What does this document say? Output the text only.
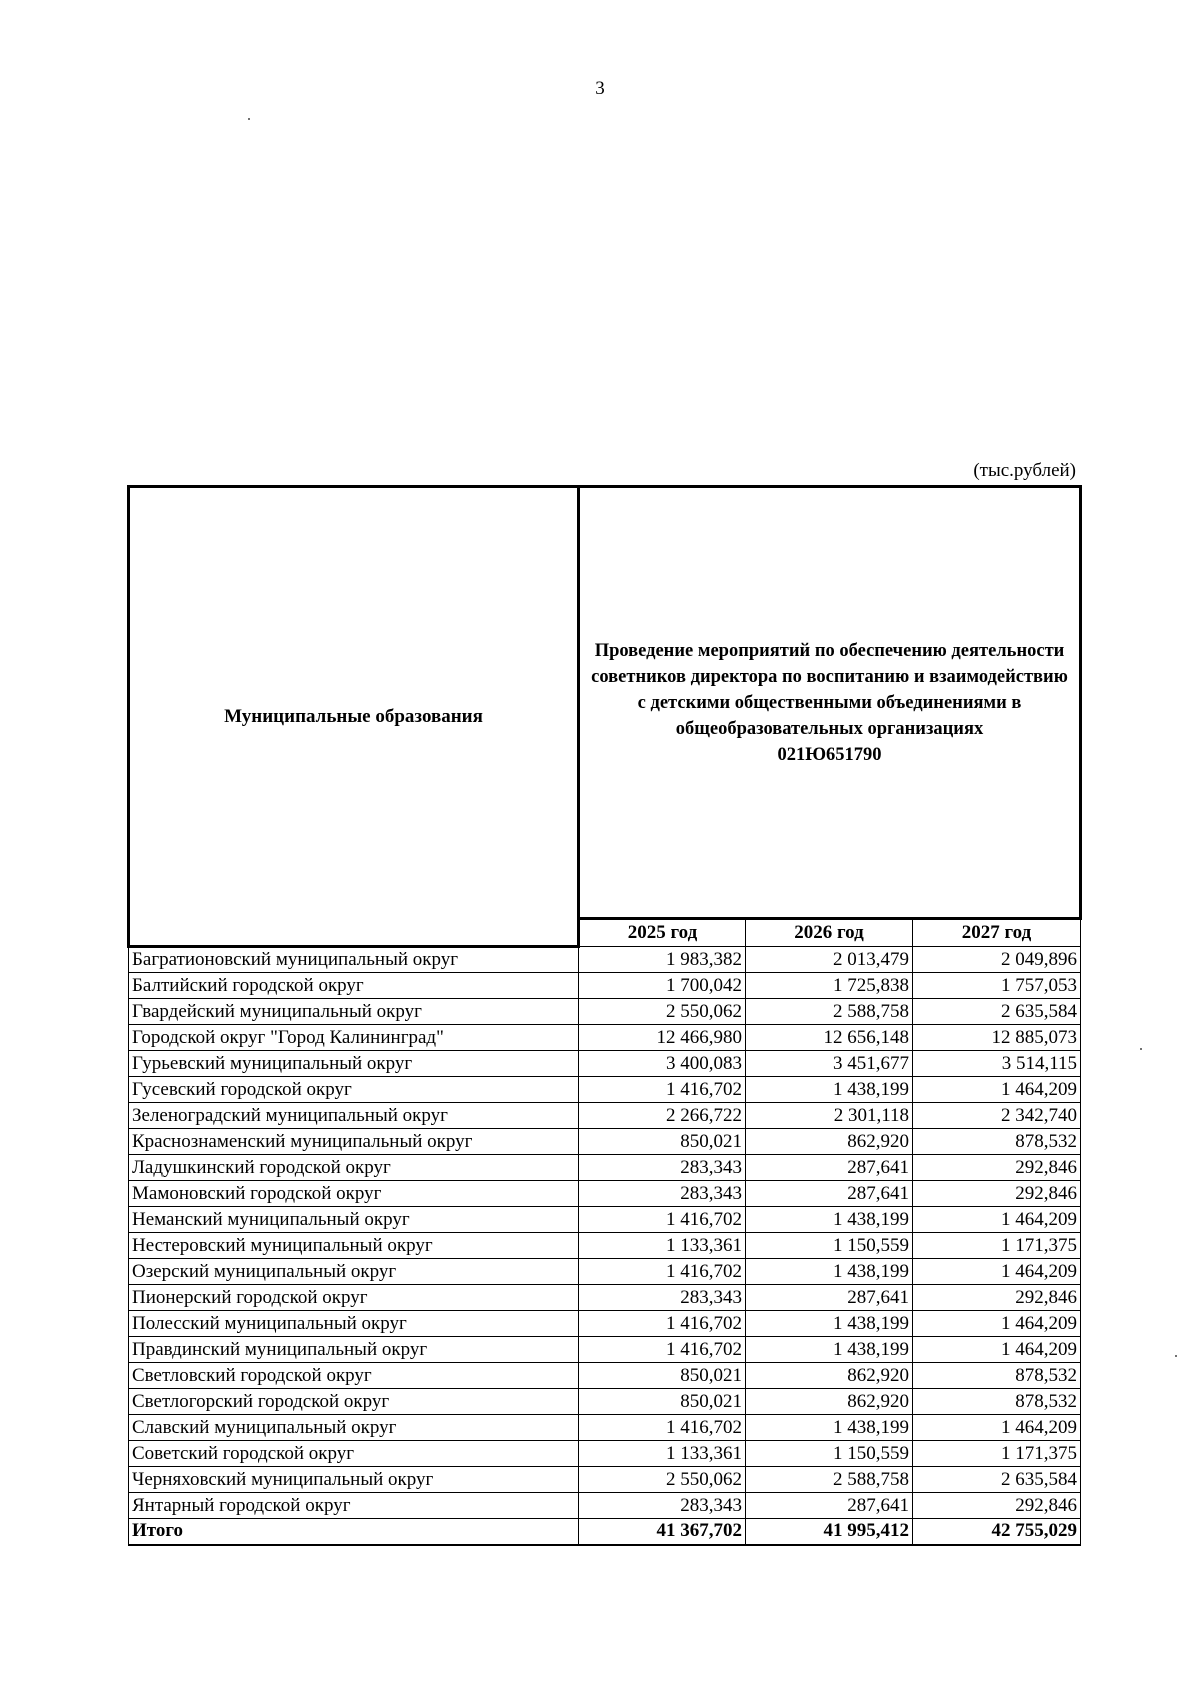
3
(тыс.рублей)
Муниципальные образования	Проведение мероприятий по обеспечению деятельности советников директора по воспитанию и взаимодействию с детскими общественными объединениями в общеобразовательных организациях
021Ю651790		

	2025 год	2026 год	2027 год
Багратионовский муниципальный округ	1 983,382	2 013,479	2 049,896
Балтийский городской округ	1 700,042	1 725,838	1 757,053
Гвардейский муниципальный округ	2 550,062	2 588,758	2 635,584
Городской округ "Город Калининград"	12 466,980	12 656,148	12 885,073
Гурьевский муниципальный округ	3 400,083	3 451,677	3 514,115
Гусевский городской округ	1 416,702	1 438,199	1 464,209
Зеленоградский муниципальный округ	2 266,722	2 301,118	2 342,740
Краснознаменский муниципальный округ	850,021	862,920	878,532
Ладушкинский городской округ	283,343	287,641	292,846
Мамоновский городской округ	283,343	287,641	292,846
Неманский муниципальный округ	1 416,702	1 438,199	1 464,209
Нестеровский муниципальный округ	1 133,361	1 150,559	1 171,375
Озерский муниципальный округ	1 416,702	1 438,199	1 464,209
Пионерский городской округ	283,343	287,641	292,846
Полесский муниципальный округ	1 416,702	1 438,199	1 464,209
Правдинский муниципальный округ	1 416,702	1 438,199	1 464,209
Светловский городской округ	850,021	862,920	878,532
Светлогорский городской округ	850,021	862,920	878,532
Славский муниципальный округ	1 416,702	1 438,199	1 464,209
Советский городской округ	1 133,361	1 150,559	1 171,375
Черняховский муниципальный округ	2 550,062	2 588,758	2 635,584
Янтарный городской округ	283,343	287,641	292,846
Итого	41 367,702	41 995,412	42 755,029
